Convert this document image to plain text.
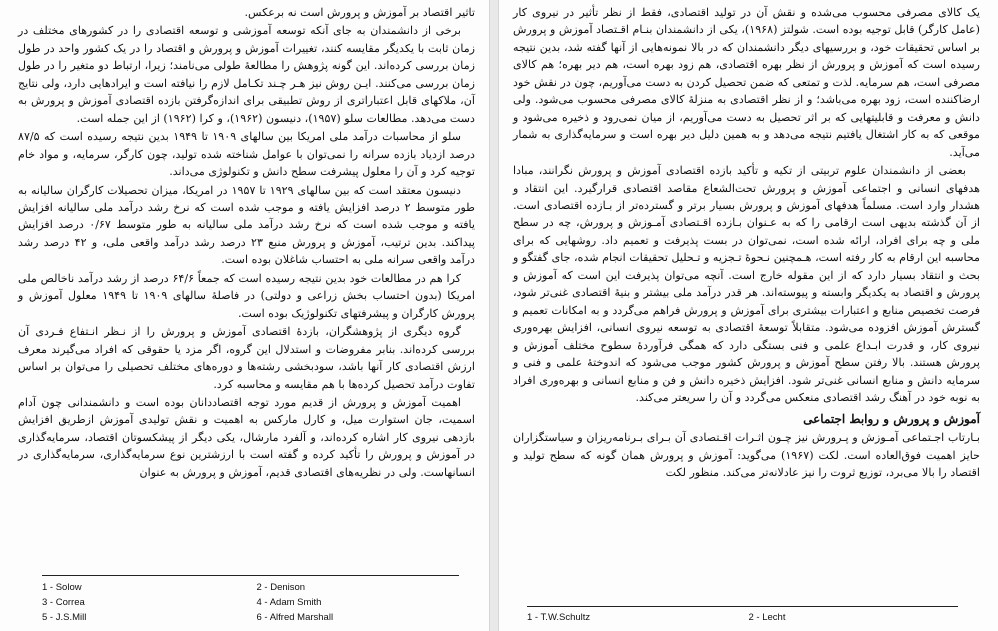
تاثیر اقتصاد بر آموزش و پرورش است نه برعکس.

برخی از دانشمندان به جای آنکه توسعه آموزشی و توسعه اقتصادی را در کشورهای مختلف در زمان ثابت با یکدیگر مقایسه کنند، تغییرات آموزش و پرورش و اقتصاد را در یک کشور واحد در طول زمان بررسی کرده‌اند. این گونه پژوهش را مطالعهٔ طولی می‌نامند؛ زیرا، ارتباط دو متغیر را در طول زمان بررسی می‌کنند. ایـن روش نیز هـر چـند تکـامل لازم را نیافته است و ایرادهایی دارد، ولی نتایج آن، ملاکهای قابل اعتباراتری از روش تطبیقی برای اندازه‌گرفتن بازده اقتصادی آموزش و پرورش به دست می‌دهد. مطالعات سلو (۱۹۵۷)، دنیسون (۱۹۶۲)، و کرا (۱۹۶۲) از این جمله است.

سلو از محاسبات درآمد ملی امریکا بین سالهای ۱۹۰۹ تا ۱۹۴۹ بدین نتیجه رسیده است که ۸۷/۵ درصد ازدیاد بازده سرانه را نمی‌توان با عوامل شناخته شده تولید، چون کارگر، سرمایه، و مواد خام توجیه کرد و آن را معلول پیشرفت سطح دانش و تکنولوژی می‌داند.

دنیسون معتقد است که بین سالهای ۱۹۲۹ تا ۱۹۵۷ در امریکا، میزان تحصیلات کارگران سالیانه به طور متوسط ۲ درصد افزایش یافته و موجب شده است که نرخ رشد درآمد ملی سالیانه افزایش یافته و موجب شده است که نرخ رشد درآمد ملی سالیانه به طور متوسط ۰/۶۷ درصد افزایش پیداکند. بدین ترتیب، آموزش و پرورش منبع ۲۳ درصد رشد درآمد واقعی ملی، و ۴۲ درصد رشد درآمد واقعی سرانه ملی به احتساب شاغلان بوده است.

کرا هم در مطالعات خود بدین نتیجه رسیده است که جمعاً ۶۴/۶ درصد از رشد درآمد ناخالص ملی امریکا (بدون احتساب بخش زراعی و دولتی) در فاصلهٔ سالهای ۱۹۰۹ تا ۱۹۴۹ معلول آموزش و پرورش کارگران و پیشرفتهای تکنولوژیک بوده است.

گروه دیگری از پژوهشگران، بازدهٔ اقتصادی آموزش و پرورش را از نـظر انـتفاع فـردی آن بررسی کرده‌اند. بنابر مفروضات و استدلال این گروه، اگر مزد یا حقوقی که افراد می‌گیرند معرف ارزش اقتصادی کار آنها باشد، سودبخشی رشته‌ها و دوره‌های مختلف تحصیلی را می‌توان بر اساس تفاوت درآمد تحصیل کرده‌ها با هم مقایسه و محاسبه کرد.

اهمیت آموزش و پرورش از قدیم مورد توجه اقتصاددانان بوده است و دانشمندانی چون آدام اسمیت، جان استوارت میل، و کارل مارکس به اهمیت و نقش تولیدی آموزش ازطریق افزایش بازدهی نیروی کار اشاره کرده‌اند، و آلفرد مارشال، یکی دیگر از پیشکسوتان اقتصاد، سرمایه‌گذاری در آموزش و پرورش را تأکید کرده و گفته است با ارزشترین نوع سرمایه‌گذاری، سرمایه‌گذاری در انسانهاست. ولی در نظریه‌های اقتصادی قدیم، آموزش و پرورش به عنوان

1 - Solow	2 - Denison
3 - Correa	4 - Adam Smith
5 - J.S.Mill	6 - Alfred Marshall

یک کالای مصرفی محسوب می‌شده و نقش آن در تولید اقتصادی، فقط از نظر تأثیر در نیروی کار (عامل کارگر) قابل توجیه بوده است. شولتز (۱۹۶۸)، یکی از دانشمندان بنـام اقـتصاد آموزش و پرورش بر اساس تحقیقات خود، و بررسیهای دیگر دانشمندان که در بالا نمونه‌هایی از آنها گفته شد، بدین نتیجه رسیده است که آموزش و پرورش از نظر بهره اقتصادی، هم زود بهره است، هم دیر بهره؛ هم کالای مصرفی است، هم سرمایه. لذت و تمتعی که ضمن تحصیل کردن به دست می‌آوریم، چون در نقش خود ارضاکننده است، زود بهره می‌باشد؛ و از نظر اقتصادی به منزلهٔ کالای مصرفی محسوب می‌شود. ولی دانش و معرفت و قابلیتهایی که بر اثر تحصیل به دست می‌آوریم، از میان نمی‌رود و ذخیره می‌شود و موقعی که به کار اشتغال یافتیم نتیجه می‌دهد و به همین دلیل دیر بهره است و سرمایه‌گذاری به شمار می‌آید.

بعضی از دانشمندان علوم تربیتی از تکیه و تأکید بازده اقتصادی آموزش و پرورش نگرانند، مبادا هدفهای انسانی و اجتماعی آموزش و پرورش تحت‌الشعاع مقاصد اقتصادی قرارگیرد. این انتقاد و هشدار وارد است. مسلماً هدفهای آموزش و پرورش بسیار برتر و گسترده‌تر از بـازده اقتصادی است. از آن گذشته بدیهی است ارقامی را که به عـنوان بـازده اقـتصادی آمـوزش و پرورش، چه در سطح ملی و چه برای افراد، ارائه شده است، نمی‌توان در بست پذیرفت و تعمیم داد. روشهایی که برای محاسبه این ارقام به کار رفته است، هـمچنین نـحوهٔ تـجزیه و تـحلیل تحقیقات انجام شده، جای گفتگو و بحث و انتقاد بسیار دارد که از این مقوله خارج است. آنچه می‌توان پذیرفت این است که آموزش و پرورش و اقتصاد به یکدیگر وابسته و پیوسته‌اند. هر قدر درآمد ملی بیشتر و بنیهٔ اقتصادی غنی‌تر شود، فرصت تخصیص منابع و اعتبارات بیشتری برای آموزش و پرورش فراهم می‌گردد و به امکانات تعمیم و گسترش آموزش افزوده می‌شود. متقابلاً توسعهٔ اقتصادی به توسعه نیروی انسانی، افزایش بهره‌وری نیروی کار، و قدرت ابـداع علمی و فنی بستگی دارد که همگی فرآوردهٔ سطوح مختلف آموزش و پرورش هستند. بالا رفتن سطح آموزش و پرورش کشور موجب می‌شود که اندوختهٔ علمی و فنی و سرمایه دانش و منابع انسانی غنی‌تر شود. افزایش ذخیره دانش و فن و منابع انسانی و بهره‌وری افراد به نوبه خود در آهنگ رشد اقتصادی منعکس می‌گردد و آن را سریعتر می‌کند.

آموزش و پرورش و روابط اجتماعی

بـارتاب اجـتماعی آمـوزش و پـرورش نیز چـون اثـرات اقـتصادی آن بـرای بـرنامه‌ریزان و سیاستگزاران حایز اهمیت فوق‌العاده است. لکت (۱۹۶۷) می‌گوید: آموزش و پرورش همان گونه که سطح تولید و اقتصاد را بالا می‌برد، توزیع ثروت را نیز عادلانه‌تر می‌کند. منظور لکت

1 - T.W.Schultz	2 - Lecht
